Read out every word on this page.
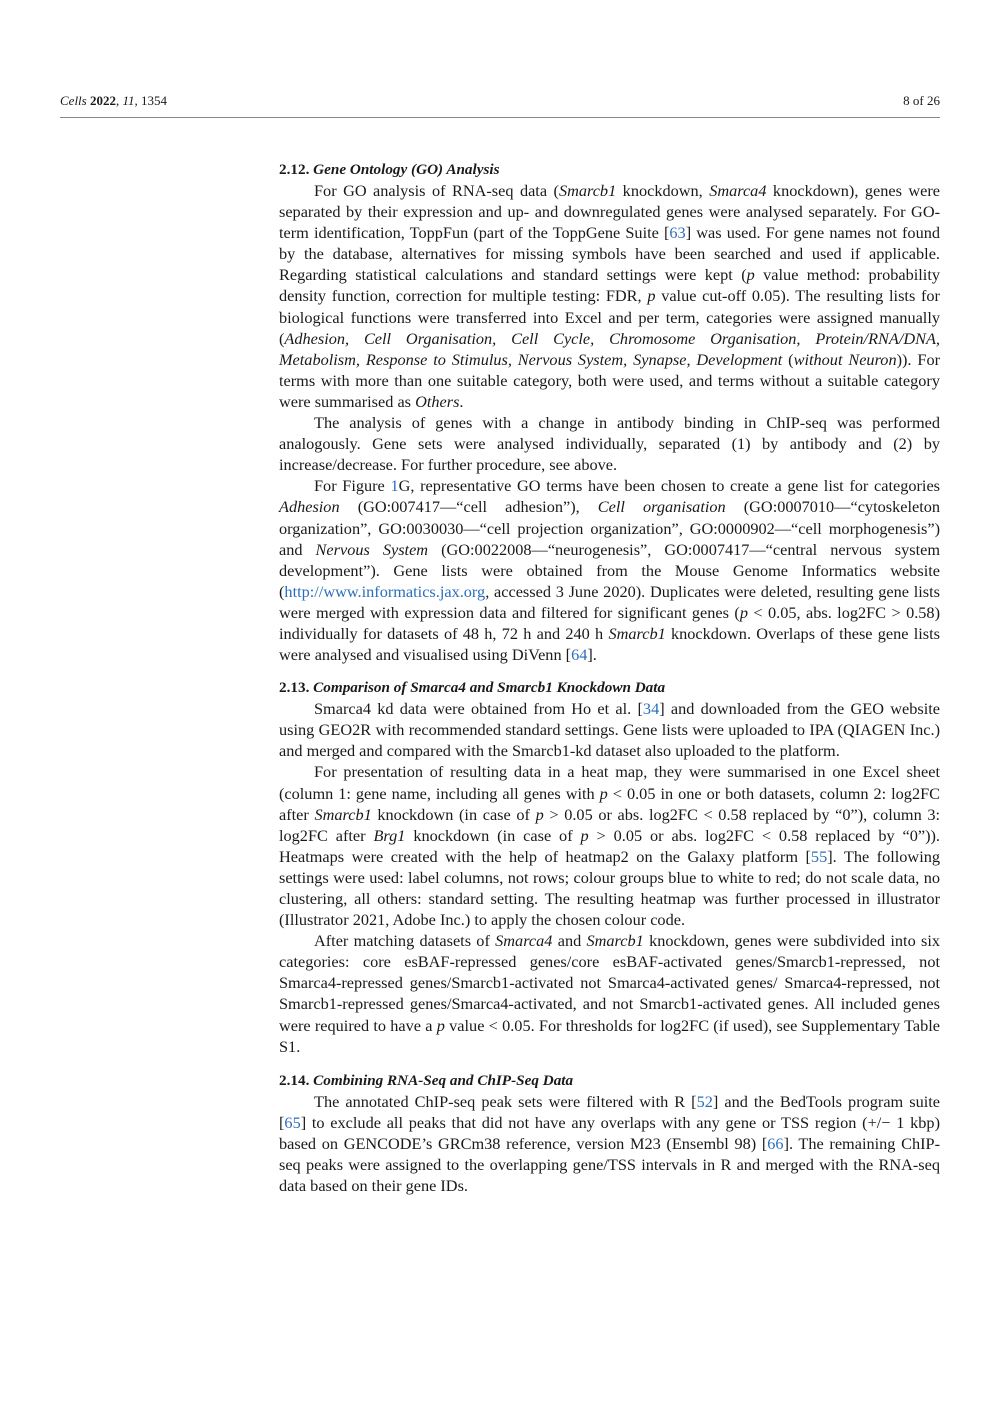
Cells 2022, 11, 1354	8 of 26
2.12. Gene Ontology (GO) Analysis

For GO analysis of RNA-seq data (Smarcb1 knockdown, Smarca4 knockdown), genes were separated by their expression and up- and downregulated genes were analysed separately. For GO-term identification, ToppFun (part of the ToppGene Suite [63] was used. For gene names not found by the database, alternatives for missing symbols have been searched and used if applicable. Regarding statistical calculations and standard settings were kept (p value method: probability density function, correction for multiple testing: FDR, p value cut-off 0.05). The resulting lists for biological functions were transferred into Excel and per term, categories were assigned manually (Adhesion, Cell Organisation, Cell Cycle, Chromosome Organisation, Protein/RNA/DNA, Metabolism, Response to Stimulus, Nervous System, Synapse, Development (without Neuron)). For terms with more than one suitable category, both were used, and terms without a suitable category were summarised as Others.

The analysis of genes with a change in antibody binding in ChIP-seq was performed analogously. Gene sets were analysed individually, separated (1) by antibody and (2) by increase/decrease. For further procedure, see above.

For Figure 1G, representative GO terms have been chosen to create a gene list for categories Adhesion (GO:007417—“cell adhesion”), Cell organisation (GO:0007010—“cytoskeleton organization”, GO:0030030—“cell projection organization”, GO:0000902—“cell morphogenesis”) and Nervous System (GO:0022008—“neurogenesis”, GO:0007417—“central nervous system development”). Gene lists were obtained from the Mouse Genome Informatics website (http://www.informatics.jax.org, accessed 3 June 2020). Duplicates were deleted, resulting gene lists were merged with expression data and filtered for significant genes (p < 0.05, abs. log2FC > 0.58) individually for datasets of 48 h, 72 h and 240 h Smarcb1 knockdown. Overlaps of these gene lists were analysed and visualised using DiVenn [64].

2.13. Comparison of Smarca4 and Smarcb1 Knockdown Data

Smarca4 kd data were obtained from Ho et al. [34] and downloaded from the GEO website using GEO2R with recommended standard settings. Gene lists were uploaded to IPA (QIAGEN Inc.) and merged and compared with the Smarcb1-kd dataset also uploaded to the platform.

For presentation of resulting data in a heat map, they were summarised in one Excel sheet (column 1: gene name, including all genes with p < 0.05 in one or both datasets, column 2: log2FC after Smarcb1 knockdown (in case of p > 0.05 or abs. log2FC < 0.58 replaced by “0”), column 3: log2FC after Brg1 knockdown (in case of p > 0.05 or abs. log2FC < 0.58 replaced by “0”)). Heatmaps were created with the help of heatmap2 on the Galaxy platform [55]. The following settings were used: label columns, not rows; colour groups blue to white to red; do not scale data, no clustering, all others: standard setting. The resulting heatmap was further processed in illustrator (Illustrator 2021, Adobe Inc.) to apply the chosen colour code.

After matching datasets of Smarca4 and Smarcb1 knockdown, genes were subdivided into six categories: core esBAF-repressed genes/core esBAF-activated genes/Smarcb1-repressed, not Smarca4-repressed genes/Smarcb1-activated not Smarca4-activated genes/ Smarca4-repressed, not Smarcb1-repressed genes/Smarca4-activated, and not Smarcb1-activated genes. All included genes were required to have a p value < 0.05. For thresholds for log2FC (if used), see Supplementary Table S1.

2.14. Combining RNA-Seq and ChIP-Seq Data

The annotated ChIP-seq peak sets were filtered with R [52] and the BedTools program suite [65] to exclude all peaks that did not have any overlaps with any gene or TSS region (+/− 1 kbp) based on GENCODE’s GRCm38 reference, version M23 (Ensembl 98) [66]. The remaining ChIP-seq peaks were assigned to the overlapping gene/TSS intervals in R and merged with the RNA-seq data based on their gene IDs.
